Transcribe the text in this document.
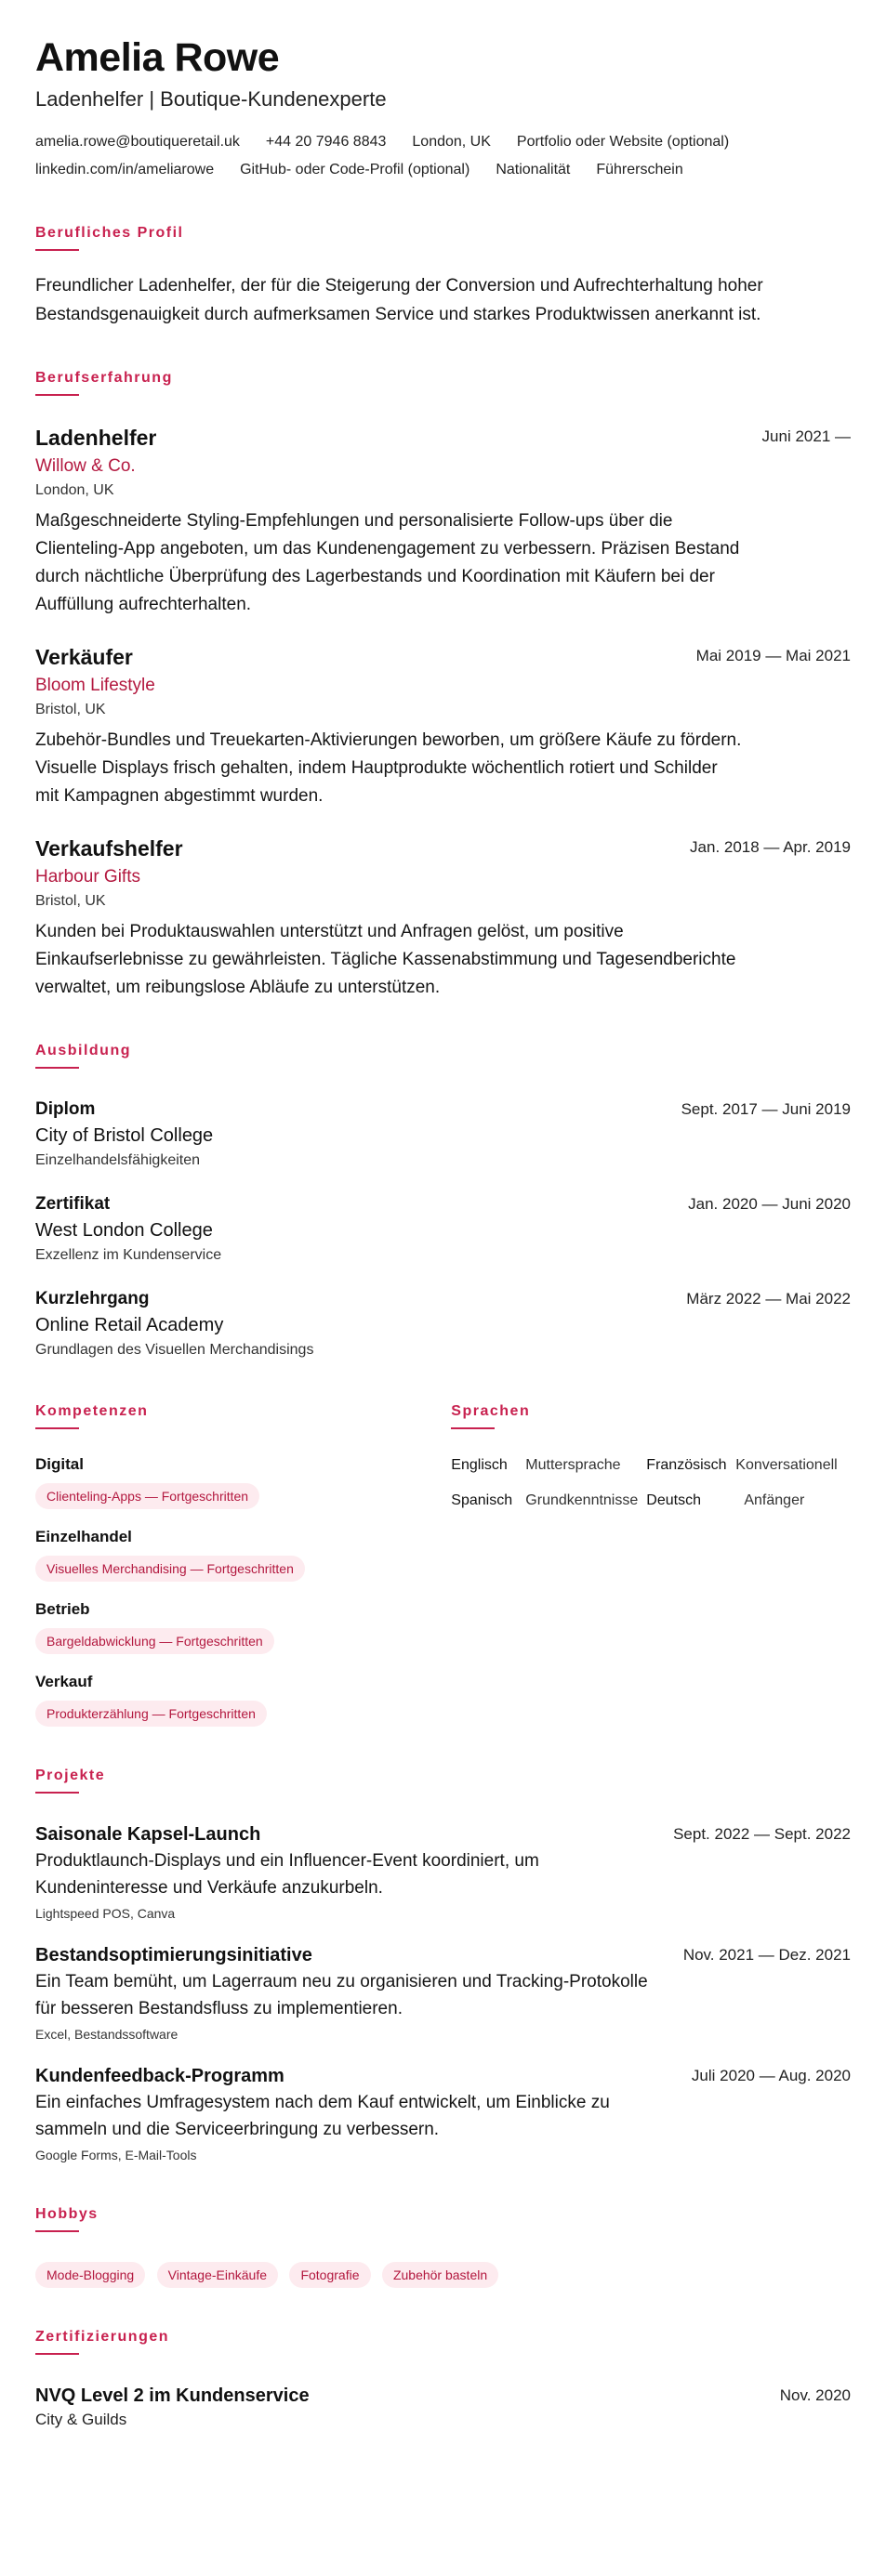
Amelia Rowe
Ladenhelfer | Boutique-Kundenexperte
amelia.rowe@boutiqueretail.uk +44 20 7946 8843 London, UK Portfolio oder Website (optional)
linkedin.com/in/ameliarowe GitHub- oder Code-Profil (optional) Nationalität Führerschein
Berufliches Profil
Freundlicher Ladenhelfer, der für die Steigerung der Conversion und Aufrechterhaltung hoher Bestandsgenauigkeit durch aufmerksamen Service und starkes Produktwissen anerkannt ist.
Berufserfahrung
Ladenhelfer	Juni 2021 —
Willow & Co.
London, UK
Maßgeschneiderte Styling-Empfehlungen und personalisierte Follow-ups über die Clienteling-App angeboten, um das Kundenengagement zu verbessern. Präzisen Bestand durch nächtliche Überprüfung des Lagerbestands und Koordination mit Käufern bei der Auffüllung aufrechterhalten.
Verkäufer	Mai 2019 — Mai 2021
Bloom Lifestyle
Bristol, UK
Zubehör-Bundles und Treuekarten-Aktivierungen beworben, um größere Käufe zu fördern. Visuelle Displays frisch gehalten, indem Hauptprodukte wöchentlich rotiert und Schilder mit Kampagnen abgestimmt wurden.
Verkaufshelfer	Jan. 2018 — Apr. 2019
Harbour Gifts
Bristol, UK
Kunden bei Produktauswahlen unterstützt und Anfragen gelöst, um positive Einkaufserlebnisse zu gewährleisten. Tägliche Kassenabstimmung und Tagesendberichte verwaltet, um reibungslose Abläufe zu unterstützen.
Ausbildung
Diplom	Sept. 2017 — Juni 2019
City of Bristol College
Einzelhandelsfähigkeiten
Zertifikat	Jan. 2020 — Juni 2020
West London College
Exzellenz im Kundenservice
Kurzlehrgang	März 2022 — Mai 2022
Online Retail Academy
Grundlagen des Visuellen Merchandisings
Kompetenzen
Digital
Clienteling-Apps — Fortgeschritten
Einzelhandel
Visuelles Merchandising — Fortgeschritten
Betrieb
Bargeldabwicklung — Fortgeschritten
Verkauf
Produkterzählung — Fortgeschritten
Sprachen
Englisch	Muttersprache	Französisch Konversationell
Spanisch Grundkenntnisse Deutsch	Anfänger
Projekte
Saisonale Kapsel-Launch	Sept. 2022 — Sept. 2022
Produktlaunch-Displays und ein Influencer-Event koordiniert, um Kundeninteresse und Verkäufe anzukurbeln.
Lightspeed POS, Canva
Bestandsoptimierungsinitiative	Nov. 2021 — Dez. 2021
Ein Team bemüht, um Lagerraum neu zu organisieren und Tracking-Protokolle für besseren Bestandsfluss zu implementieren.
Excel, Bestandssoftware
Kundenfeedback-Programm	Juli 2020 — Aug. 2020
Ein einfaches Umfragesystem nach dem Kauf entwickelt, um Einblicke zu sammeln und die Serviceerbringung zu verbessern.
Google Forms, E-Mail-Tools
Hobbys
Mode-Blogging	Vintage-Einkäufe	Fotografie	Zubehör basteln
Zertifizierungen
NVQ Level 2 im Kundenservice	Nov. 2020
City & Guilds
